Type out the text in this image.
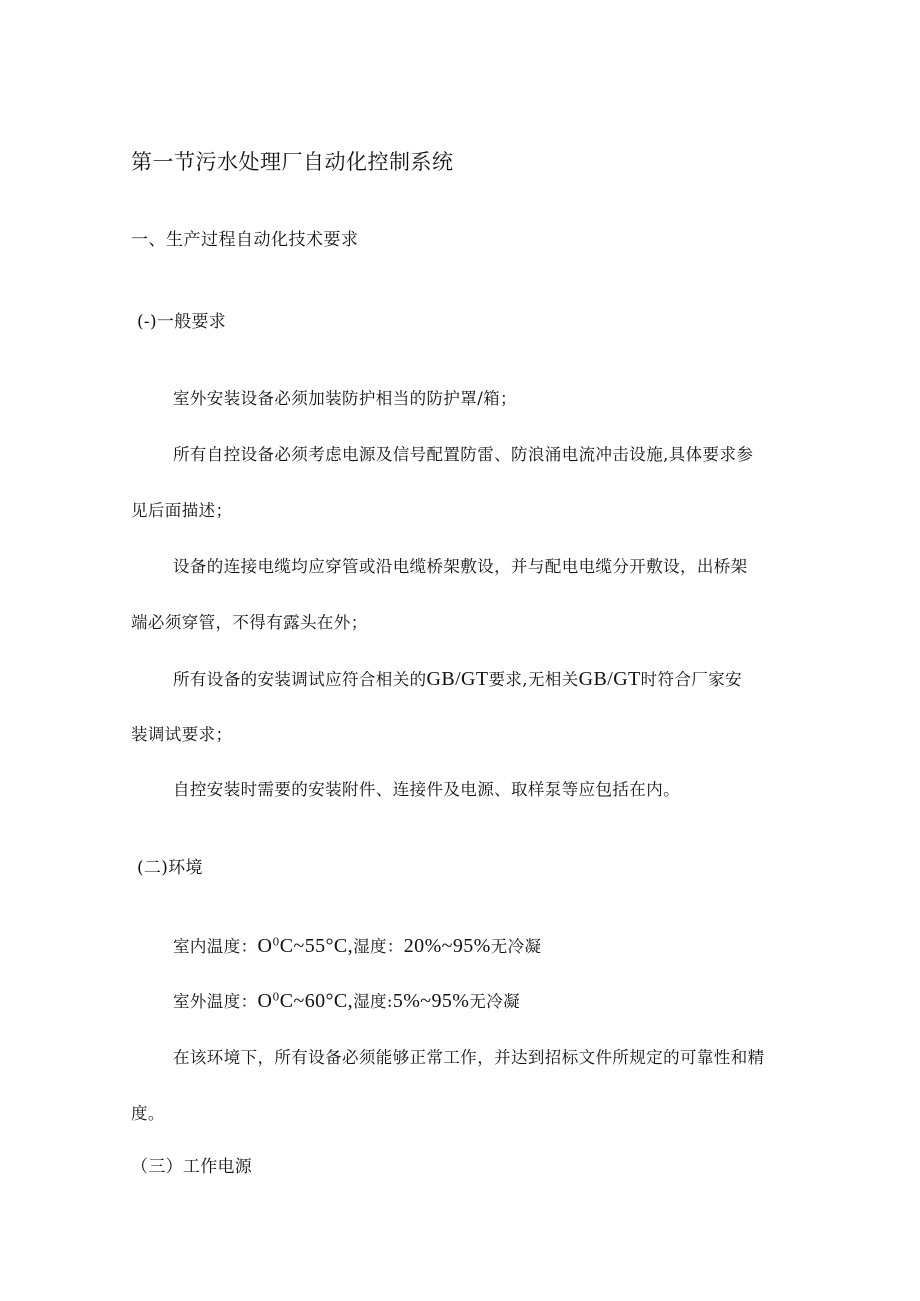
第一节污水处理厂自动化控制系统
一、生产过程自动化技术要求
(-)一般要求
室外安装设备必须加装防护相当的防护罩/箱；
所有自控设备必须考虑电源及信号配置防雷、防浪涌电流冲击设施,具体要求参
见后面描述；
设备的连接电缆均应穿管或沿电缆桥架敷设，并与配电电缆分开敷设，出桥架
端必须穿管，不得有露头在外；
所有设备的安装调试应符合相关的GB/GT要求,无相关GB/GT时符合厂家安
装调试要求；
自控安装时需要的安装附件、连接件及电源、取样泵等应包括在内。
(二)环境
室内温度：$O^0C\sim 55^\circ C$,湿度：20%~95%无冷凝
室外温度：$O^0C\sim 60^\circ C$,湿度:5%~95%无冷凝
在该环境下，所有设备必须能够正常工作，并达到招标文件所规定的可靠性和精
度。
（三）工作电源
